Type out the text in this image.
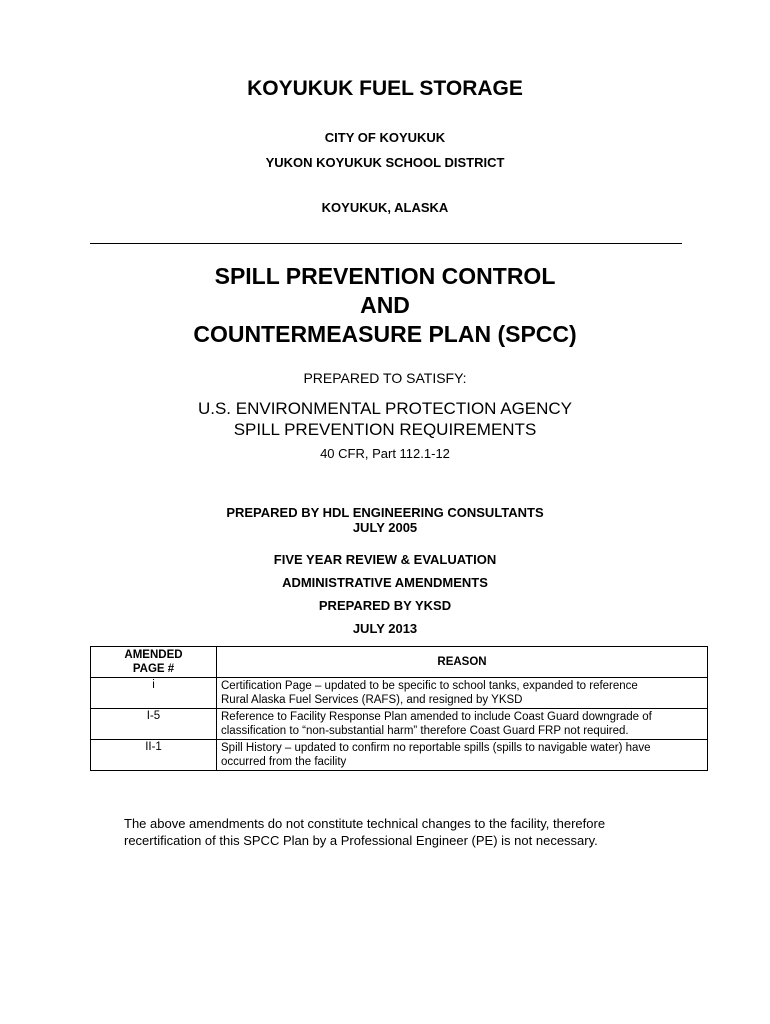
KOYUKUK FUEL STORAGE
CITY OF KOYUKUK
YUKON KOYUKUK SCHOOL DISTRICT
KOYUKUK, ALASKA
SPILL PREVENTION CONTROL
AND
COUNTERMEASURE PLAN (SPCC)
PREPARED TO SATISFY:
U.S. ENVIRONMENTAL PROTECTION AGENCY
SPILL PREVENTION REQUIREMENTS
40 CFR, Part 112.1-12
PREPARED BY HDL ENGINEERING CONSULTANTS
JULY 2005
FIVE YEAR REVIEW & EVALUATION
ADMINISTRATIVE AMENDMENTS
PREPARED BY YKSD
JULY 2013
AMENDED
PAGE #	REASON
i	Certification Page – updated to be specific to school tanks, expanded to reference
Rural Alaska Fuel Services (RAFS), and resigned by YKSD

I-5	Reference to Facility Response Plan amended to include Coast Guard downgrade of
classification to “non-substantial harm” therefore Coast Guard FRP not required.

II-1	Spill History – updated to confirm no reportable spills (spills to navigable water) have
occurred from the facility
The above amendments do not constitute technical changes to the facility, therefore
recertification of this SPCC Plan by a Professional Engineer (PE) is not necessary.
